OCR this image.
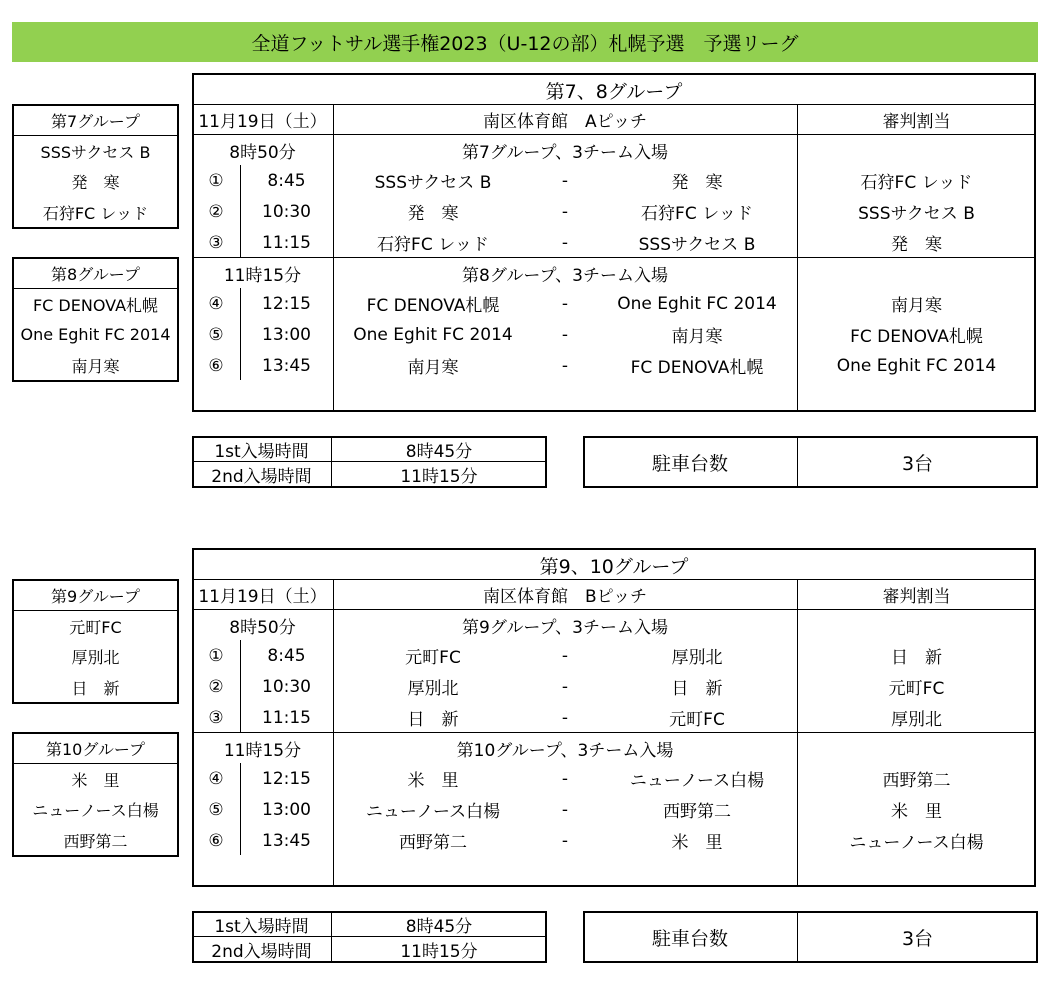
全道フットサル選手権2023（U-12の部）札幌予選　予選リーグ
第7、8グループ
11月19日（土）	南区体育館　Aピッチ	審判割当
8時50分	第7グループ、3チーム入場
11時15分	第8グループ、3チーム入場
①	8:45	SSSサクセス B	-	発　寒	石狩FC レッド
②	10:30	発　寒	-	石狩FC レッド	SSSサクセス B
③	11:15	石狩FC レッド	-	SSSサクセス B	発　寒
④	12:15	FC DENOVA札幌	-	One Eghit FC 2014	南月寒
⑤	13:00	One Eghit FC 2014	-	南月寒	FC DENOVA札幌
⑥	13:45	南月寒	-	FC DENOVA札幌	One Eghit FC 2014
第7グループ
SSSサクセス B
発　寒
石狩FC レッド
第8グループ
FC DENOVA札幌
One Eghit FC 2014
南月寒
1st入場時間	8時45分
2nd入場時間	11時15分
駐車台数	3台
第9、10グループ
11月19日（土）	南区体育館　Bピッチ	審判割当
8時50分	第9グループ、3チーム入場
11時15分	第10グループ、3チーム入場
①	8:45	元町FC	-	厚別北	日　新
②	10:30	厚別北	-	日　新	元町FC
③	11:15	日　新	-	元町FC	厚別北
④	12:15	米　里	-	ニューノース白楊	西野第二
⑤	13:00	ニューノース白楊	-	西野第二	米　里
⑥	13:45	西野第二	-	米　里	ニューノース白楊
第9グループ
元町FC
厚別北
日　新
第10グループ
米　里
ニューノース白楊
西野第二
1st入場時間	8時45分
2nd入場時間	11時15分
駐車台数	3台
